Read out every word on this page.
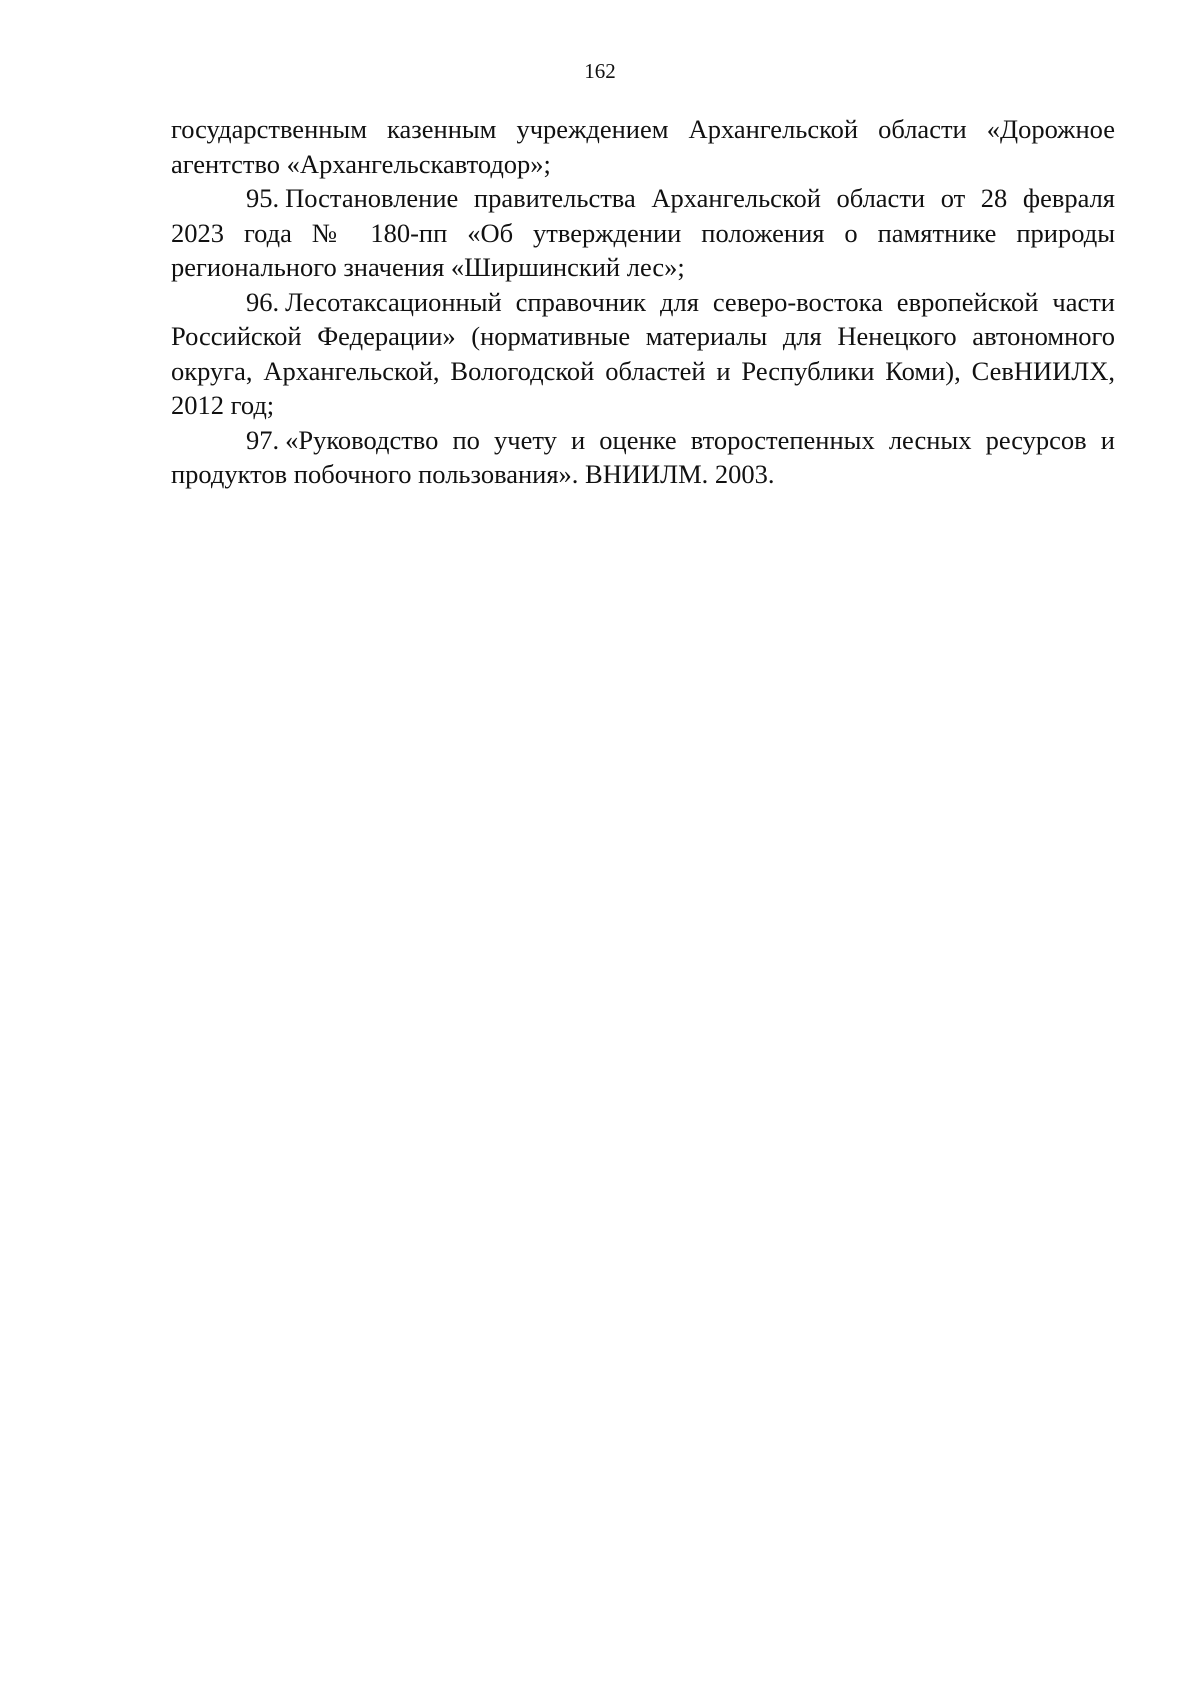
162

государственным казенным учреждением Архангельской области «Дорожное агентство «Архангельскавтодор»;

95. Постановление правительства Архангельской области от 28 февраля 2023 года № 180-пп «Об утверждении положения о памятнике природы регионального значения «Ширшинский лес»;

96. Лесотаксационный справочник для северо-востока европейской части Российской Федерации» (нормативные материалы для Ненецкого автономного округа, Архангельской, Вологодской областей и Республики Коми), СевНИИЛХ, 2012 год;

97. «Руководство по учету и оценке второстепенных лесных ресурсов и продуктов побочного пользования». ВНИИЛМ. 2003.
